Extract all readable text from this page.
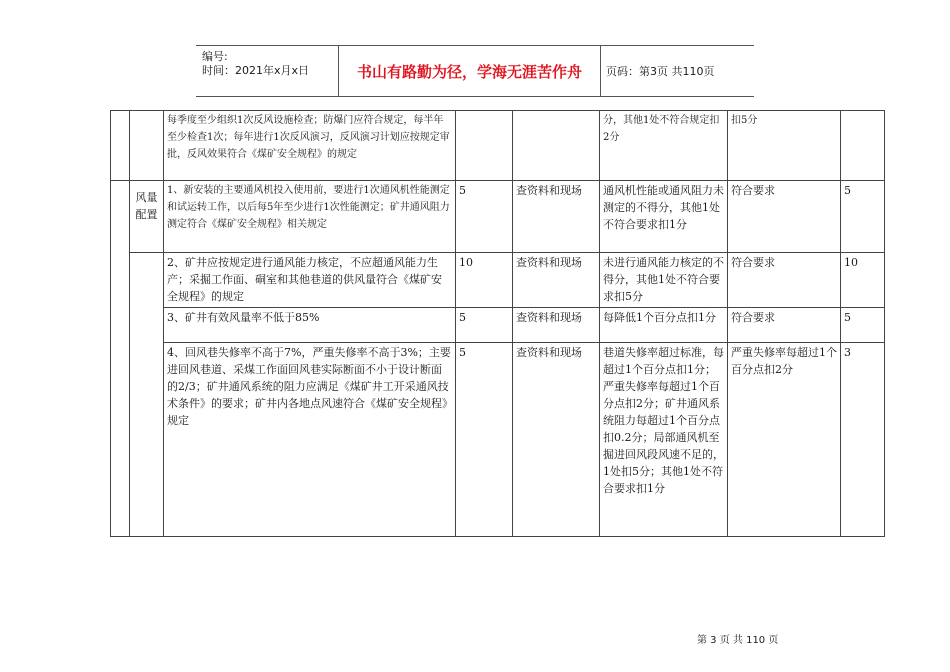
编号:
时间：2021年x月x日	书山有路勤为径，学海无涯苦作舟	页码：第3页 共110页
		每季度至少组织1次反风设施检查；防爆门应符合规定，每半年至少检查1次；每年进行1次反风演习，反风演习计划应按规定审批，反风效果符合《煤矿安全规程》的规定			分，其他1处不符合规定扣2分	扣5分	
	风量配置	1、新安装的主要通风机投入使用前，要进行1次通风机性能测定和试运转工作，以后每5年至少进行1次性能测定；矿井通风阻力测定符合《煤矿安全规程》相关规定	5	查资料和现场	通风机性能或通风阻力未测定的不得分，其他1处不符合要求扣1分	符合要求	5
		2、矿井应按规定进行通风能力核定，不应超通风能力生产；采掘工作面、硐室和其他巷道的供风量符合《煤矿安全规程》的规定	10	查资料和现场	未进行通风能力核定的不得分，其他1处不符合要求扣5分	符合要求	10
		3、矿井有效风量率不低于85%	5	查资料和现场	每降低1个百分点扣1分	符合要求	5
		4、回风巷失修率不高于7%，严重失修率不高于3%；主要进回风巷道、采煤工作面回风巷实际断面不小于设计断面的2/3；矿井通风系统的阻力应满足《煤矿井工开采通风技术条件》的要求；矿井内各地点风速符合《煤矿安全规程》规定	5	查资料和现场	巷道失修率超过标准，每超过1个百分点扣1分；严重失修率每超过1个百分点扣2分；矿井通风系统阻力每超过1个百分点扣0.2分；局部通风机至掘进回风段风速不足的，1处扣5分；其他1处不符合要求扣1分	严重失修率每超过1个百分点扣2分	3
第 3 页 共 110 页
